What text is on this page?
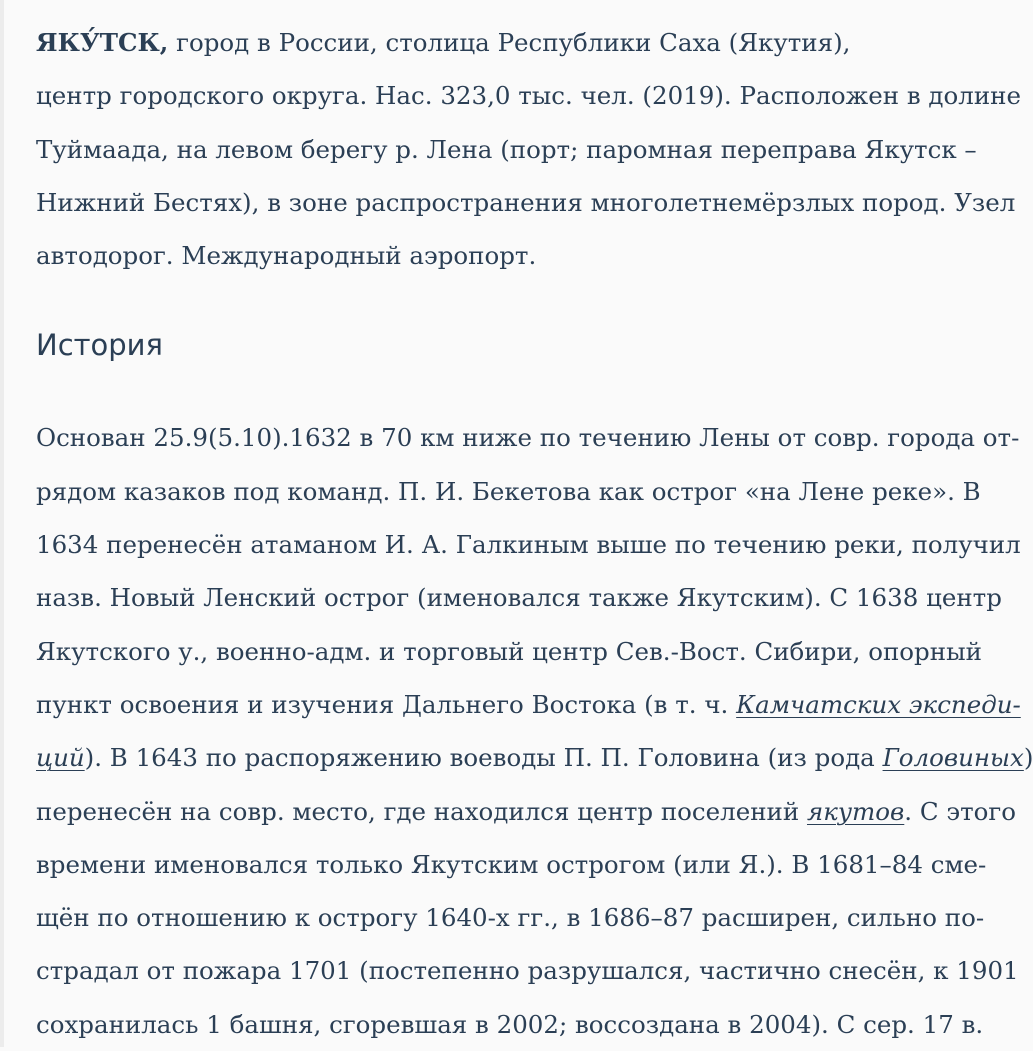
ЯКУ́ТСК, город в России, столица Республики Саха (Якутия),
центр городского округа. Нас. 323,0 тыс. чел. (2019). Расположен в долине
Туймаада, на левом берегу р. Лена (порт; паромная переправа Якутск –
Нижний Бестях), в зоне распространения многолетнемёрзлых пород. Узел
автодорог. Международный аэропорт.

История

Основан 25.9(5.10).1632 в 70 км ниже по течению Лены от совр. города от-
рядом казаков под команд. П. И. Бекетова как острог «на Лене реке». В
1634 перенесён атаманом И. А. Галкиным выше по течению реки, получил
назв. Новый Ленский острог (именовался также Якутским). С 1638 центр
Якутского у., военно-адм. и торговый центр Сев.-Вост. Сибири, опорный
пункт освоения и изучения Дальнего Востока (в т. ч. Камчатских экспеди-
ций). В 1643 по распоряжению воеводы П. П. Головина (из рода Головиных)
перенесён на совр. место, где находился центр поселений якутов. С этого
времени именовался только Якутским острогом (или Я.). В 1681–84 сме-
щён по отношению к острогу 1640-х гг., в 1686–87 расширен, сильно по-
страдал от пожара 1701 (постепенно разрушался, частично снесён, к 1901
сохранилась 1 башня, сгоревшая в 2002; воссоздана в 2004). С сер. 17 в.
